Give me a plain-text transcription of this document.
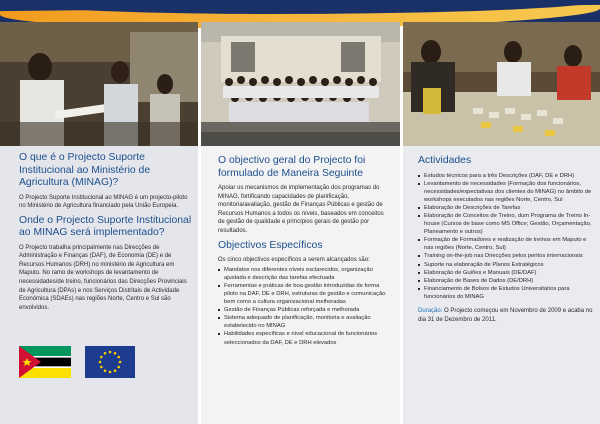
O que é o Projecto Suporte Institucional ao Ministério de Agricultura (MINAG)?

O Projecto Suporte Institucional ao MINAG é um projecto-piloto no Ministério de Agricultura financiado pela União Europeia.

Onde o Projecto Suporte Institucional ao MINAG será implementado?

O Projecto trabalha principalmente nas Direcções de Administração e Finanças (DAF), de Economia (DE) e de Recursos Humanos (DRH) no ministério de Agricultura em Maputo. No ramo de workshops de levantamento de necessidades/de treino, funcionários das Direcções Provinciais de Agricultura (DPAs) e nos Serviços Distritais de Actividade Económica (SDAEs) nas regiões Norte, Centro e Sul são envolvidos.

O objectivo geral do Projecto foi formulado de Maneira Seguinte

Apoiar os mecanismos de implementação dos programas do MINAG, fortificando capacidades de planificação, monitoria/avaliação, gestão de Finanças Públicas e gestão de Recursos Humanos a todos os níveis, baseados em conceitos de gestão de qualidade e princípios gerais de gestão por resultados.

Objectivos Específicos

Os cinco objectivos específicos a serem alcançados são:

Mandatos nos diferentes níveis esclarecidos, organização ajustada e descrição das tarefas efectuada
Ferramentas e práticas de boa gestão introduzidas de forma piloto na DAF, DE e DRH, estruturas de gestão e comunicação bem como a cultura organizacional melhoradas
Gestão de Finanças Públicas reforçada e melhorada
Sistema adequado de planificação, monitoria e avaliação estabelecido no MINAG
Habilidades específicas e nível educacional de funcionários seleccionados da DAF, DE e DRH elevados
Actividades
Estudos técnicos para a três Descrições (DAF, DE e DRH)
Levantamento de necessidades (Formação dos funcionários, necessidades/expectativas dos clientes do MINAG) no âmbito de workshops executados nas regiões Norte, Centro, Sul
Elaboração de Descrições de Tarefas
Elaboração de Conceitos de Treino, dum Programa de Treino In-house (Cursos de base como MS Office; Gestão, Orçamentação, Planeamento e outros)
Formação de Formadores e realização de treinos em Maputo e nas regiões (Norte, Centro, Sul)
Training on-the-job nas Direcções pelos peritos internacionais
Suporte na elaboração de Planos Estratégicos
Elaboração de Guiões e Manuais (DE/DAF)
Elaboração de Bases de Dados (DE/DRH)
Financiamento de Bolsos de Estudos Universitários para funcionários do MINAG

Duração: O Projecto começou em Novembro de 2009 e acaba no dia 31 de Dezembro de 2011.
